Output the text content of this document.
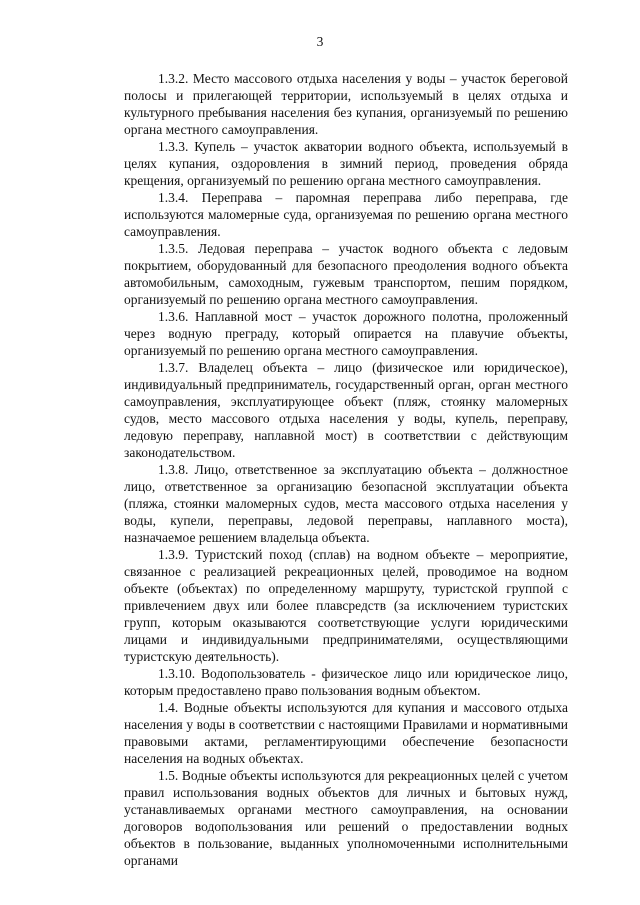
3

1.3.2. Место массового отдыха населения у воды – участок береговой полосы и прилегающей территории, используемый в целях отдыха и культурного пребывания населения без купания, организуемый по решению органа местного самоуправления.

1.3.3. Купель – участок акватории водного объекта, используемый в целях купания, оздоровления в зимний период, проведения обряда крещения, организуемый по решению органа местного самоуправления.

1.3.4. Переправа – паромная переправа либо переправа, где используются маломерные суда, организуемая по решению органа местного самоуправления.

1.3.5. Ледовая переправа – участок водного объекта с ледовым покрытием, оборудованный для безопасного преодоления водного объекта автомобильным, самоходным, гужевым транспортом, пешим порядком, организуемый по решению органа местного самоуправления.

1.3.6. Наплавной мост – участок дорожного полотна, проложенный через водную преграду, который опирается на плавучие объекты, организуемый по решению органа местного самоуправления.

1.3.7. Владелец объекта – лицо (физическое или юридическое), индивидуальный предприниматель, государственный орган, орган местного самоуправления, эксплуатирующее объект (пляж, стоянку маломерных судов, место массового отдыха населения у воды, купель, переправу, ледовую переправу, наплавной мост) в соответствии с действующим законодательством.

1.3.8. Лицо, ответственное за эксплуатацию объекта – должностное лицо, ответственное за организацию безопасной эксплуатации объекта (пляжа, стоянки маломерных судов, места массового отдыха населения у воды, купели, переправы, ледовой переправы, наплавного моста), назначаемое решением владельца объекта.

1.3.9. Туристский поход (сплав) на водном объекте – мероприятие, связанное с реализацией рекреационных целей, проводимое на водном объекте (объектах) по определенному маршруту, туристской группой с привлечением двух или более плавсредств (за исключением туристских групп, которым оказываются соответствующие услуги юридическими лицами и индивидуальными предпринимателями, осуществляющими туристскую деятельность).

1.3.10. Водопользователь - физическое лицо или юридическое лицо, которым предоставлено право пользования водным объектом.

1.4. Водные объекты используются для купания и массового отдыха населения у воды в соответствии с настоящими Правилами и нормативными правовыми актами, регламентирующими обеспечение безопасности населения на водных объектах.

1.5. Водные объекты используются для рекреационных целей с учетом правил использования водных объектов для личных и бытовых нужд, устанавливаемых органами местного самоуправления, на основании договоров водопользования или решений о предоставлении водных объектов в пользование, выданных уполномоченными исполнительными органами
